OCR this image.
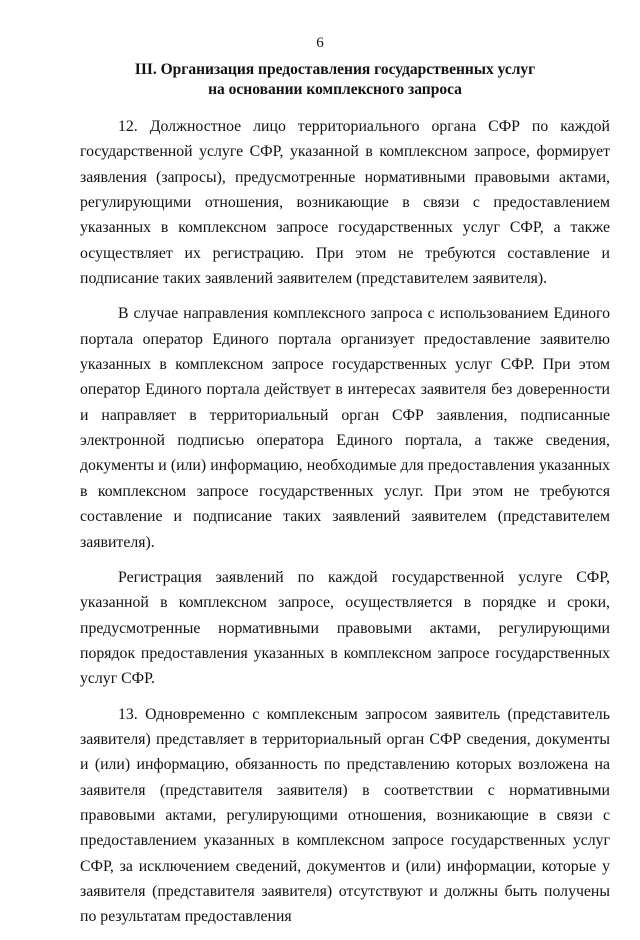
6
III. Организация предоставления государственных услуг
на основании комплексного запроса

12. Должностное лицо территориального органа СФР по каждой государственной услуге СФР, указанной в комплексном запросе, формирует заявления (запросы), предусмотренные нормативными правовыми актами, регулирующими отношения, возникающие в связи с предоставлением указанных в комплексном запросе государственных услуг СФР, а также осуществляет их регистрацию. При этом не требуются составление и подписание таких заявлений заявителем (представителем заявителя).

В случае направления комплексного запроса с использованием Единого портала оператор Единого портала организует предоставление заявителю указанных в комплексном запросе государственных услуг СФР. При этом оператор Единого портала действует в интересах заявителя без доверенности и направляет в территориальный орган СФР заявления, подписанные электронной подписью оператора Единого портала, а также сведения, документы и (или) информацию, необходимые для предоставления указанных в комплексном запросе государственных услуг. При этом не требуются составление и подписание таких заявлений заявителем (представителем заявителя).

Регистрация заявлений по каждой государственной услуге СФР, указанной в комплексном запросе, осуществляется в порядке и сроки, предусмотренные нормативными правовыми актами, регулирующими порядок предоставления указанных в комплексном запросе государственных услуг СФР.

13. Одновременно с комплексным запросом заявитель (представитель заявителя) представляет в территориальный орган СФР сведения, документы и (или) информацию, обязанность по представлению которых возложена на заявителя (представителя заявителя) в соответствии с нормативными правовыми актами, регулирующими отношения, возникающие в связи с предоставлением указанных в комплексном запросе государственных услуг СФР, за исключением сведений, документов и (или) информации, которые у заявителя (представителя заявителя) отсутствуют и должны быть получены по результатам предоставления
